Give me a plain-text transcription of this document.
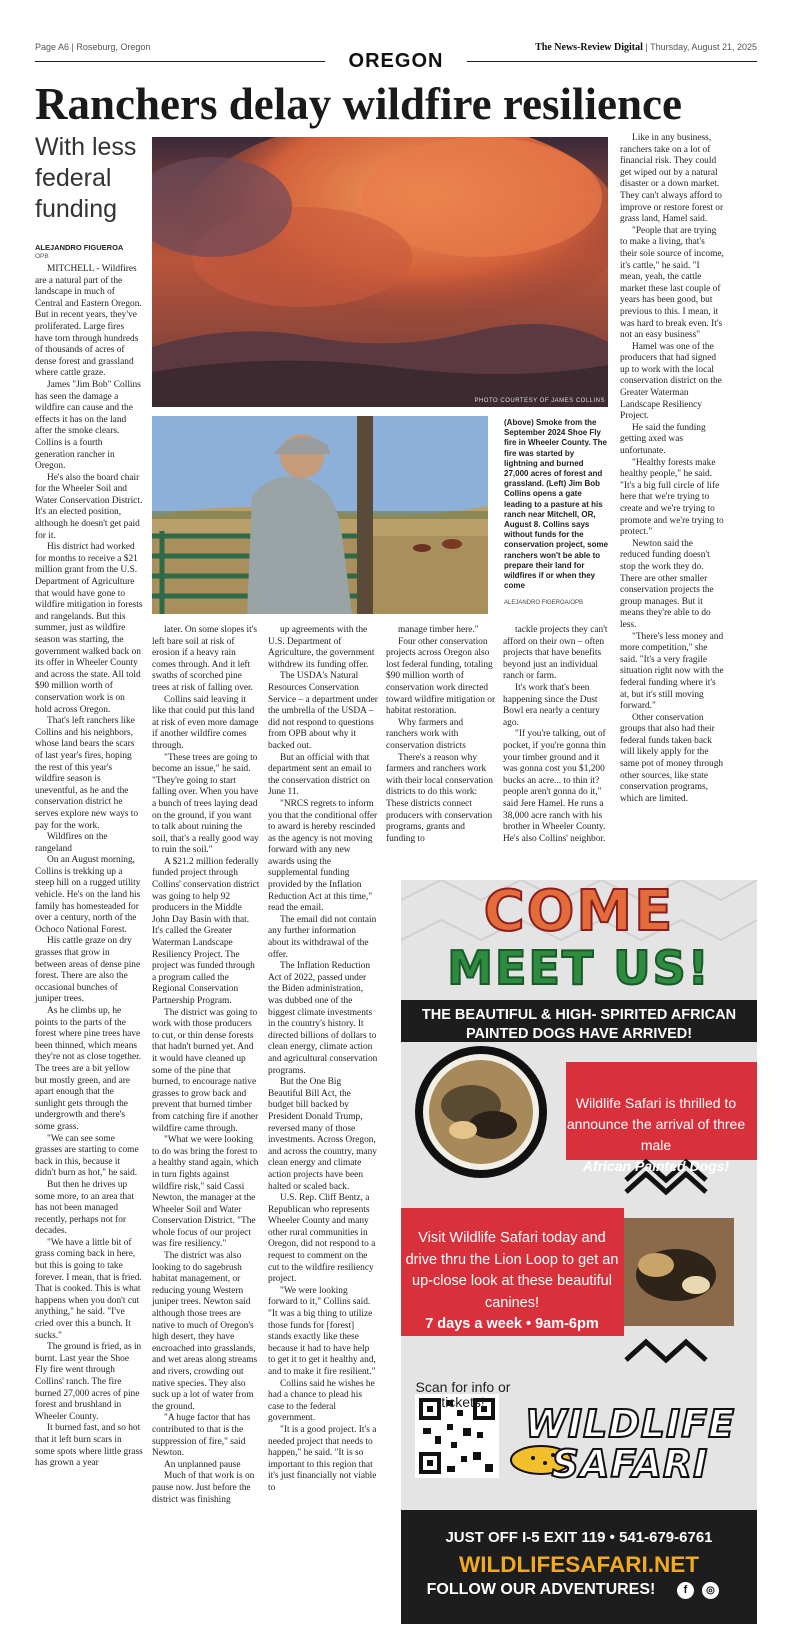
Page A6 | Roseburg, Oregon	The News-Review Digital | Thursday, August 21, 2025
OREGON
Ranchers delay wildfire resilience
With less federal funding
ALEJANDRO FIGUEROA
OPB
PHOTO COURTESY OF JAMES COLLINS
(Above) Smoke from the September 2024 Shoe Fly fire in Wheeler County. The fire was started by lightning and burned 27,000 acres of forest and grassland. (Left) Jim Bob Collins opens a gate leading to a pasture at his ranch near Mitchell, OR, August 8. Collins says without funds for the conservation project, some ranchers won't be able to prepare their land for wildfires if or when they come
ALEJANDRO FIGEROA/OPB

MITCHELL - Wildfires are a natural part of the landscape in much of Central and Eastern Oregon. But in recent years, they've proliferated. Large fires have torn through hundreds of thousands of acres of dense forest and grassland where cattle graze.

James "Jim Bob" Collins has seen the damage a wildfire can cause and the effects it has on the land after the smoke clears. Collins is a fourth generation rancher in Oregon.

He's also the board chair for the Wheeler Soil and Water Conservation District. It's an elected position, although he doesn't get paid for it.

His district had worked for months to receive a $21 million grant from the U.S. Department of Agriculture that would have gone to wildfire mitigation in forests and rangelands. But this summer, just as wildfire season was starting, the government walked back on its offer in Wheeler County and across the state. All told $90 million worth of conservation work is on hold across Oregon.

That's left ranchers like Collins and his neighbors, whose land bears the scars of last year's fires, hoping the rest of this year's wildfire season is uneventful, as he and the conservation district he serves explore new ways to pay for the work.

Wildfires on the rangeland

On an August morning, Collins is trekking up a steep hill on a rugged utility vehicle. He's on the land his family has homesteaded for over a century, north of the Ochoco National Forest.

His cattle graze on dry grasses that grow in between areas of dense pine forest. There are also the occasional bunches of juniper trees.

As he climbs up, he points to the parts of the forest where pine trees have been thinned, which means they're not as close together. The trees are a bit yellow but mostly green, and are apart enough that the sunlight gets through the undergrowth and there's some grass.

"We can see some grasses are starting to come back in this, because it didn't burn as hot," he said.

But then he drives up some more, to an area that has not been managed recently, perhaps not for decades.

"We have a little bit of grass coming back in here, but this is going to take forever. I mean, that is fried. That is cooked. This is what happens when you don't cut anything," he said. "I've cried over this a bunch. It sucks."

The ground is fried, as in burnt. Last year the Shoe Fly fire went through Collins' ranch. The fire burned 27,000 acres of pine forest and brushland in Wheeler County.

It burned fast, and so hot that it left burn scars in some spots where little grass has grown a year

later. On some slopes it's left bare soil at risk of erosion if a heavy rain comes through. And it left swaths of scorched pine trees at risk of falling over.

Collins said leaving it like that could put this land at risk of even more damage if another wildfire comes through.

"These trees are going to become an issue," he said. "They're going to start falling over. When you have a bunch of trees laying dead on the ground, if you want to talk about ruining the soil, that's a really good way to ruin the soil."

A $21.2 million federally funded project through Collins' conservation district was going to help 92 producers in the Middle John Day Basin with that. It's called the Greater Waterman Landscape Resiliency Project. The project was funded through a program called the Regional Conservation Partnership Program.

The district was going to work with those producers to cut, or thin dense forests that hadn't burned yet. And it would have cleaned up some of the pine that burned, to encourage native grasses to grow back and prevent that burned timber from catching fire if another wildfire came through.

"What we were looking to do was bring the forest to a healthy stand again, which in turn fights against wildfire risk," said Cassi Newton, the manager at the Wheeler Soil and Water Conservation District. "The whole focus of our project was fire resiliency."

The district was also looking to do sagebrush habitat management, or reducing young Western juniper trees. Newton said although those trees are native to much of Oregon's high desert, they have encroached into grasslands, and wet areas along streams and rivers, crowding out native species. They also suck up a lot of water from the ground.

"A huge factor that has contributed to that is the suppression of fire," said Newton.

An unplanned pause

Much of that work is on pause now. Just before the district was finishing

up agreements with the U.S. Department of Agriculture, the government withdrew its funding offer.

The USDA's Natural Resources Conservation Service – a department under the umbrella of the USDA – did not respond to questions from OPB about why it backed out.

But an official with that department sent an email to the conservation district on June 11.

"NRCS regrets to inform you that the conditional offer to award is hereby rescinded as the agency is not moving forward with any new awards using the supplemental funding provided by the Inflation Reduction Act at this time," read the email.

The email did not contain any further information about its withdrawal of the offer.

The Inflation Reduction Act of 2022, passed under the Biden administration, was dubbed one of the biggest climate investments in the country's history. It directed billions of dollars to clean energy, climate action and agricultural conservation programs.

But the One Big Beautiful Bill Act, the budget bill backed by President Donald Trump, reversed many of those investments. Across Oregon, and across the country, many clean energy and climate action projects have been halted or scaled back.

U.S. Rep. Cliff Bentz, a Republican who represents Wheeler County and many other rural communities in Oregon, did not respond to a request to comment on the cut to the wildfire resiliency project.

"We were looking forward to it," Collins said. "It was a big thing to utilize those funds for [forest] stands exactly like these because it had to have help to get it to get it healthy and, and to make it fire resilient."

Collins said he wishes he had a chance to plead his case to the federal government.

"It is a good project. It's a needed project that needs to happen," he said. "It is so important to this region that it's just financially not viable to

manage timber here."

Four other conservation projects across Oregon also lost federal funding, totaling $90 million worth of conservation work directed toward wildfire mitigation or habitat restoration.

Why farmers and ranchers work with conservation districts

There's a reason why farmers and ranchers work with their local conservation districts to do this work: These districts connect producers with conservation programs, grants and funding to

tackle projects they can't afford on their own – often projects that have benefits beyond just an individual ranch or farm.

It's work that's been happening since the Dust Bowl era nearly a century ago.

"If you're talking, out of pocket, if you're gonna thin your timber ground and it was gonna cost you $1,200 bucks an acre... to thin it? people aren't gonna do it," said Jere Hamel. He runs a 38,000 acre ranch with his brother in Wheeler County. He's also Collins' neighbor.

Like in any business, ranchers take on a lot of financial risk. They could get wiped out by a natural disaster or a down market. They can't always afford to improve or restore forest or grass land, Hamel said.

"People that are trying to make a living, that's their sole source of income, it's cattle," he said. "I mean, yeah, the cattle market these last couple of years has been good, but previous to this. I mean, it was hard to break even. It's not an easy business"

Hamel was one of the producers that had signed up to work with the local conservation district on the Greater Waterman Landscape Resiliency Project.

He said the funding getting axed was unfortunate.

"Healthy forests make healthy people," he said. "It's a big full circle of life here that we're trying to create and we're trying to promote and we're trying to protect."

Newton said the reduced funding doesn't stop the work they do. There are other smaller conservation projects the group manages. But it means they're able to do less.

"There's less money and more competition," she said. "It's a very fragile situation right now with the federal funding where it's at, but it's still moving forward."

Other conservation groups that also had their federal funds taken back will likely apply for the same pot of money through other sources, like state conservation programs, which are limited.

COME
MEET US!
THE BEAUTIFUL & HIGH- SPIRITED AFRICAN PAINTED DOGS HAVE ARRIVED!
Wildlife Safari is thrilled to announce the arrival of three male
African Painted Dogs!
Visit Wildlife Safari today and drive thru the Lion Loop to get an up-close look at these beautiful canines!
7 days a week • 9am-6pm
Scan for info or tickets!	WILDLIFE
SAFARI
JUST OFF I-5 EXIT 119 • 541-679-6761
WILDLIFESAFARI.NET
FOLLOW OUR ADVENTURES!	f	◎
